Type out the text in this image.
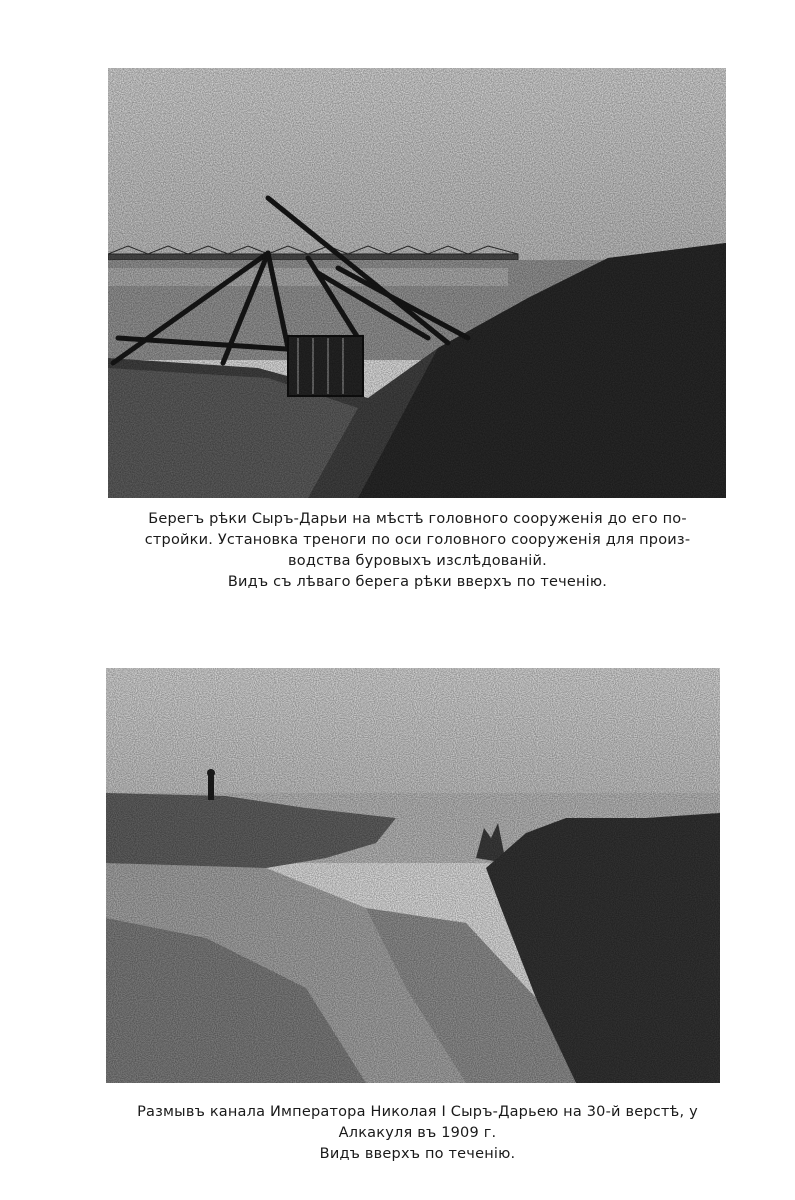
Берегъ рѣки Сыръ-Дарьи на мѣстѣ головного сооруженія до его по-
стройки. Установка треноги по оси головного сооруженія для произ-
водства буровыхъ изслѣдованій.
Видъ съ лѣваго берега рѣки вверхъ по теченію.
Размывъ канала Императора Николая I Сыръ-Дарьею на 30-й верстѣ, у
Алкакуля въ 1909 г.
Видъ вверхъ по теченію.
